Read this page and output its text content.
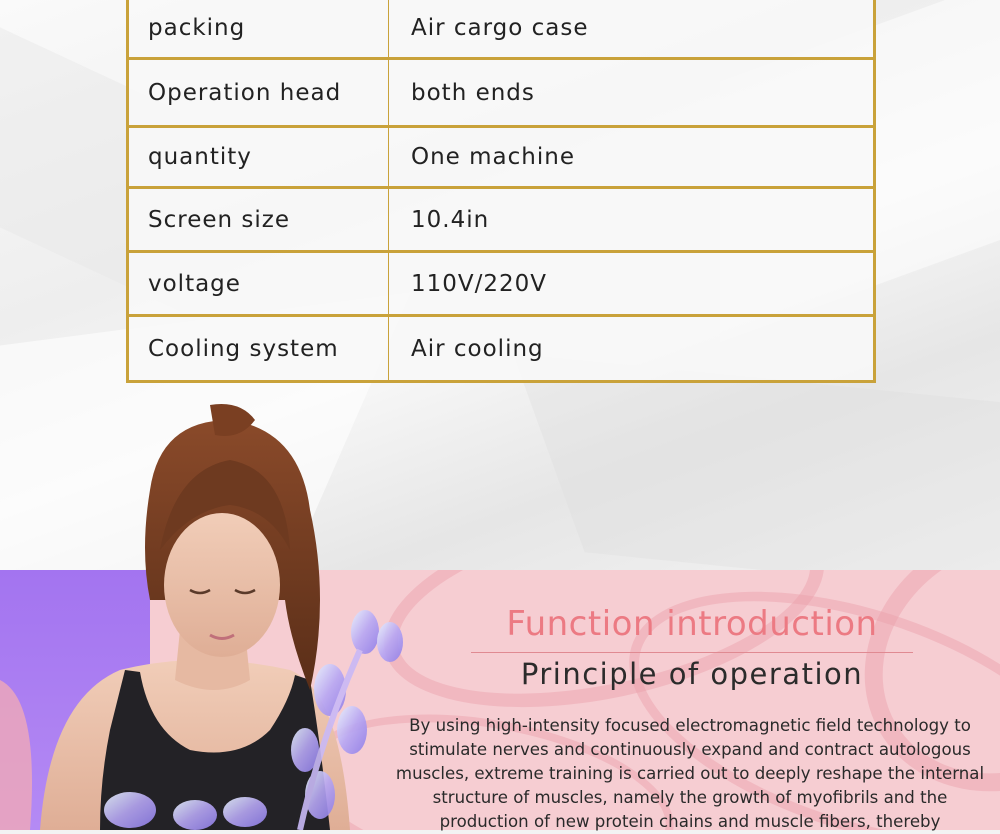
packing	Air cargo case
Operation head	both ends
quantity	One machine
Screen size	10.4in
voltage	110V/220V
Cooling system	Air cooling
Function introduction
Principle of operation
By using high-intensity focused electromagnetic field technology to stimulate nerves and continuously expand and contract autologous muscles, extreme training is carried out to deeply reshape the internal structure of muscles, namely the growth of myofibrils and the production of new protein chains and muscle fibers, thereby
